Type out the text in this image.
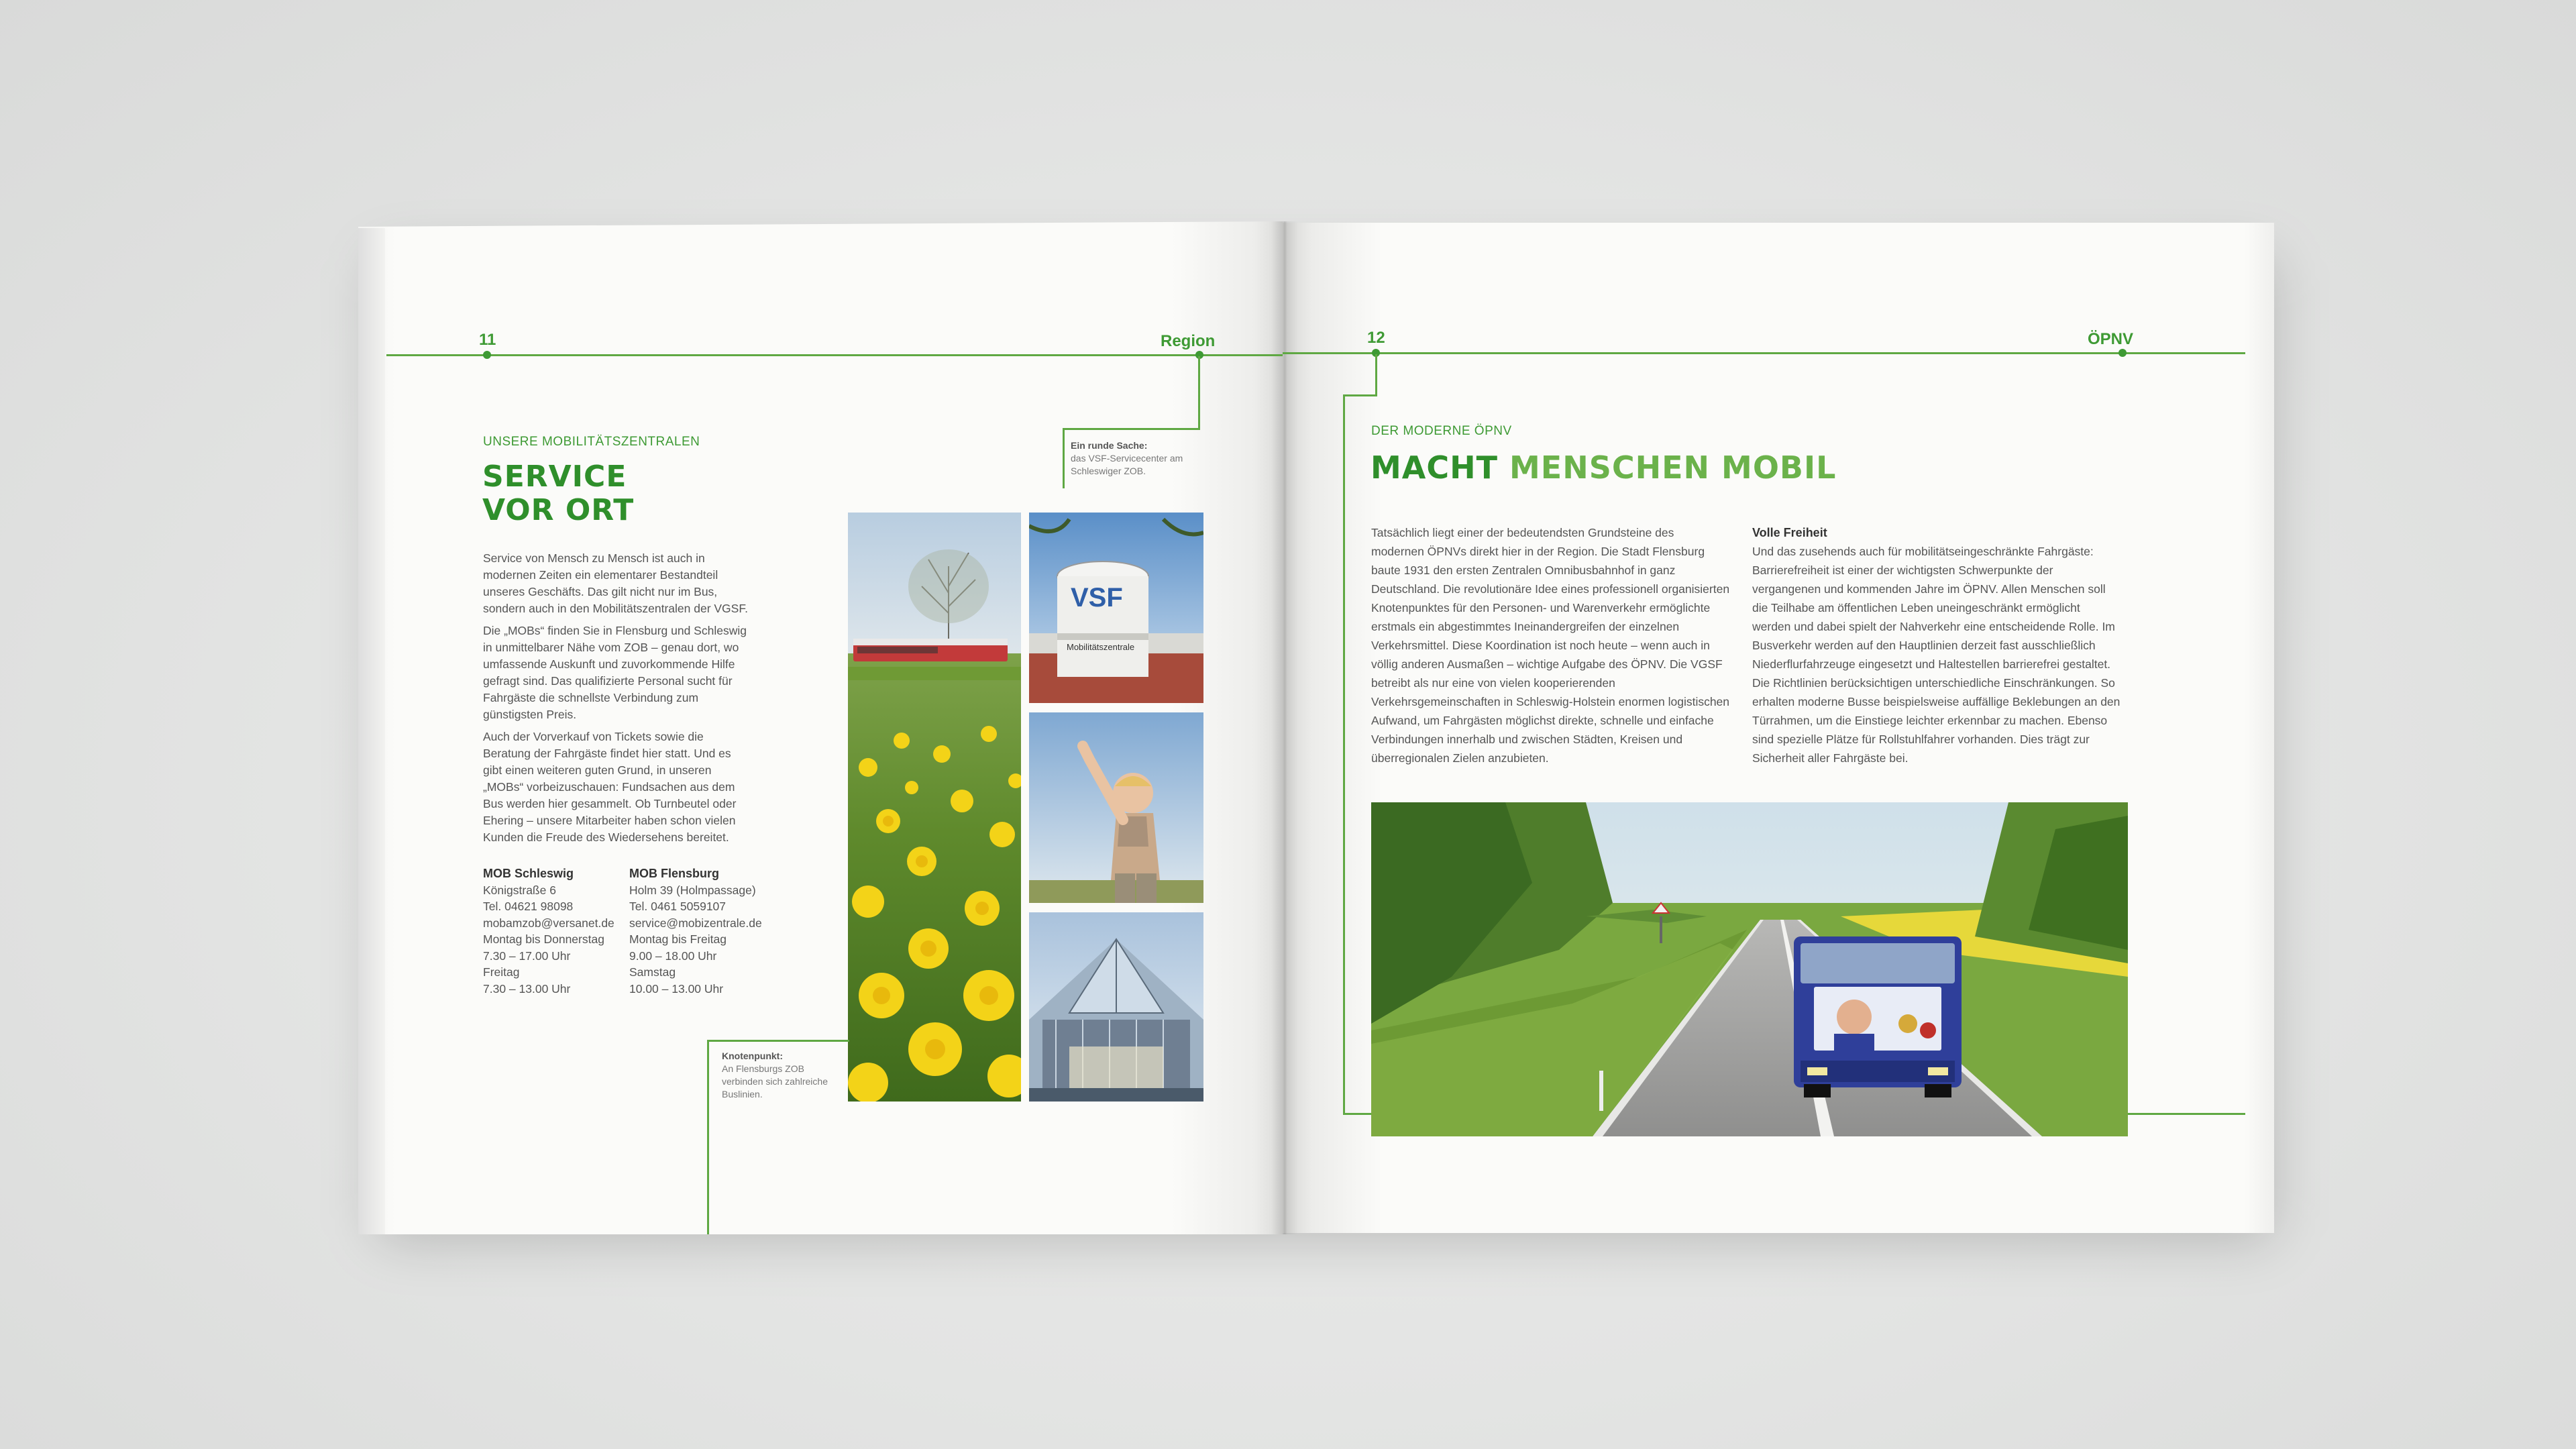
11	Region
UNSERE MOBILITÄTSZENTRALEN
SERVICE
VOR ORT

Service von Mensch zu Mensch ist auch in modernen Zeiten ein elementarer Bestandteil unseres Geschäfts. Das gilt nicht nur im Bus, sondern auch in den Mobilitätszentralen der VGSF.

Die „MOBs“ finden Sie in Flensburg und Schleswig in unmittelbarer Nähe vom ZOB – genau dort, wo umfassende Auskunft und zuvorkommende Hilfe gefragt sind. Das qualifizierte Personal sucht für Fahrgäste die schnellste Verbindung zum günstigsten Preis.

Auch der Vorverkauf von Tickets sowie die Beratung der Fahrgäste findet hier statt. Und es gibt einen weiteren guten Grund, in unseren „MOBs“ vorbeizuschauen: Fundsachen aus dem Bus werden hier gesammelt. Ob Turnbeutel oder Ehering – unsere Mitarbeiter haben schon vielen Kunden die Freude des Wiedersehens bereitet.

MOB Schleswig
Königstraße 6
Tel. 04621 98098
mobamzob@versanet.de
Montag bis Donnerstag
7.30 – 17.00 Uhr
Freitag
7.30 – 13.00 Uhr
MOB Flensburg
Holm 39 (Holmpassage)
Tel. 0461 5059107
service@mobizentrale.de
Montag bis Freitag
9.00 – 18.00 Uhr
Samstag
10.00 – 13.00 Uhr
Ein runde Sache:
das VSF-Servicecenter am Schleswiger ZOB.
VSF
Mobilitätszentrale
Knotenpunkt:
An Flensburgs ZOB verbinden sich zahlreiche Buslinien.
12	ÖPNV
DER MODERNE ÖPNV
MACHT MENSCHEN MOBIL
Tatsächlich liegt einer der bedeutendsten Grundsteine des modernen ÖPNVs direkt hier in der Region. Die Stadt Flensburg baute 1931 den ersten Zentralen Omnibusbahnhof in ganz Deutschland. Die revolutionäre Idee eines professionell organisierten Knotenpunktes für den Personen- und Warenverkehr ermöglichte erstmals ein abgestimmtes Ineinandergreifen der einzelnen Verkehrsmittel. Diese Koordination ist noch heute – wenn auch in völlig anderen Ausmaßen – wichtige Aufgabe des ÖPNV. Die VGSF betreibt als nur eine von vielen kooperierenden Verkehrsgemeinschaften in Schleswig-Holstein enormen logistischen Aufwand, um Fahrgästen möglichst direkte, schnelle und einfache Verbindungen innerhalb und zwischen Städten, Kreisen und überregionalen Zielen anzubieten.
Volle Freiheit
Und das zusehends auch für mobilitätseingeschränkte Fahrgäste: Barrierefreiheit ist einer der wichtigsten Schwerpunkte der vergangenen und kommenden Jahre im ÖPNV. Allen Menschen soll die Teilhabe am öffentlichen Leben uneingeschränkt ermöglicht werden und dabei spielt der Nahverkehr eine entscheidende Rolle. Im Busverkehr werden auf den Hauptlinien derzeit fast ausschließlich Niederflurfahrzeuge eingesetzt und Haltestellen barrierefrei gestaltet. Die Richtlinien berücksichtigen unterschiedliche Einschränkungen. So erhalten moderne Busse beispielsweise auffällige Beklebungen an den Türrahmen, um die Einstiege leichter erkennbar zu machen. Ebenso sind spezielle Plätze für Rollstuhlfahrer vorhanden. Dies trägt zur Sicherheit aller Fahrgäste bei.
